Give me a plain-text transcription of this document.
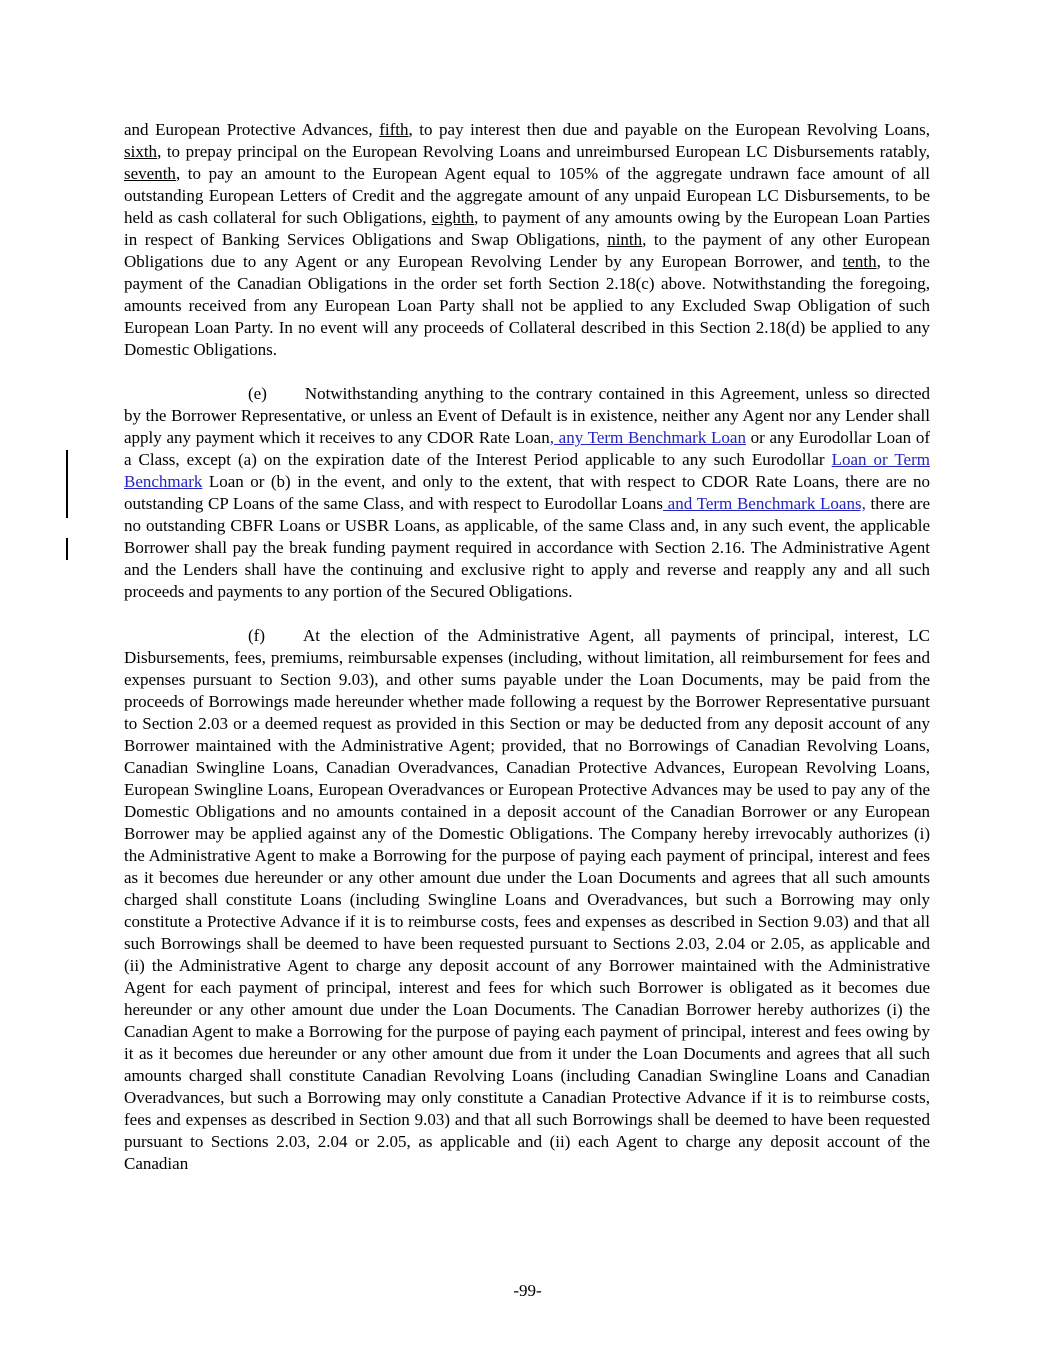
and European Protective Advances, fifth, to pay interest then due and payable on the European Revolving Loans, sixth, to prepay principal on the European Revolving Loans and unreimbursed European LC Disbursements ratably, seventh, to pay an amount to the European Agent equal to 105% of the aggregate undrawn face amount of all outstanding European Letters of Credit and the aggregate amount of any unpaid European LC Disbursements, to be held as cash collateral for such Obligations, eighth, to payment of any amounts owing by the European Loan Parties in respect of Banking Services Obligations and Swap Obligations, ninth, to the payment of any other European Obligations due to any Agent or any European Revolving Lender by any European Borrower, and tenth, to the payment of the Canadian Obligations in the order set forth Section 2.18(c) above. Notwithstanding the foregoing, amounts received from any European Loan Party shall not be applied to any Excluded Swap Obligation of such European Loan Party. In no event will any proceeds of Collateral described in this Section 2.18(d) be applied to any Domestic Obligations.

(e) Notwithstanding anything to the contrary contained in this Agreement, unless so directed by the Borrower Representative, or unless an Event of Default is in existence, neither any Agent nor any Lender shall apply any payment which it receives to any CDOR Rate Loan, any Term Benchmark Loan or any Eurodollar Loan of a Class, except (a) on the expiration date of the Interest Period applicable to any such Eurodollar Loan or Term Benchmark Loan or (b) in the event, and only to the extent, that with respect to CDOR Rate Loans, there are no outstanding CP Loans of the same Class, and with respect to Eurodollar Loans and Term Benchmark Loans, there are no outstanding CBFR Loans or USBR Loans, as applicable, of the same Class and, in any such event, the applicable Borrower shall pay the break funding payment required in accordance with Section 2.16. The Administrative Agent and the Lenders shall have the continuing and exclusive right to apply and reverse and reapply any and all such proceeds and payments to any portion of the Secured Obligations.

(f) At the election of the Administrative Agent, all payments of principal, interest, LC Disbursements, fees, premiums, reimbursable expenses (including, without limitation, all reimbursement for fees and expenses pursuant to Section 9.03), and other sums payable under the Loan Documents, may be paid from the proceeds of Borrowings made hereunder whether made following a request by the Borrower Representative pursuant to Section 2.03 or a deemed request as provided in this Section or may be deducted from any deposit account of any Borrower maintained with the Administrative Agent; provided, that no Borrowings of Canadian Revolving Loans, Canadian Swingline Loans, Canadian Overadvances, Canadian Protective Advances, European Revolving Loans, European Swingline Loans, European Overadvances or European Protective Advances may be used to pay any of the Domestic Obligations and no amounts contained in a deposit account of the Canadian Borrower or any European Borrower may be applied against any of the Domestic Obligations. The Company hereby irrevocably authorizes (i) the Administrative Agent to make a Borrowing for the purpose of paying each payment of principal, interest and fees as it becomes due hereunder or any other amount due under the Loan Documents and agrees that all such amounts charged shall constitute Loans (including Swingline Loans and Overadvances, but such a Borrowing may only constitute a Protective Advance if it is to reimburse costs, fees and expenses as described in Section 9.03) and that all such Borrowings shall be deemed to have been requested pursuant to Sections 2.03, 2.04 or 2.05, as applicable and (ii) the Administrative Agent to charge any deposit account of any Borrower maintained with the Administrative Agent for each payment of principal, interest and fees for which such Borrower is obligated as it becomes due hereunder or any other amount due under the Loan Documents. The Canadian Borrower hereby authorizes (i) the Canadian Agent to make a Borrowing for the purpose of paying each payment of principal, interest and fees owing by it as it becomes due hereunder or any other amount due from it under the Loan Documents and agrees that all such amounts charged shall constitute Canadian Revolving Loans (including Canadian Swingline Loans and Canadian Overadvances, but such a Borrowing may only constitute a Canadian Protective Advance if it is to reimburse costs, fees and expenses as described in Section 9.03) and that all such Borrowings shall be deemed to have been requested pursuant to Sections 2.03, 2.04 or 2.05, as applicable and (ii) each Agent to charge any deposit account of the Canadian

-99-
